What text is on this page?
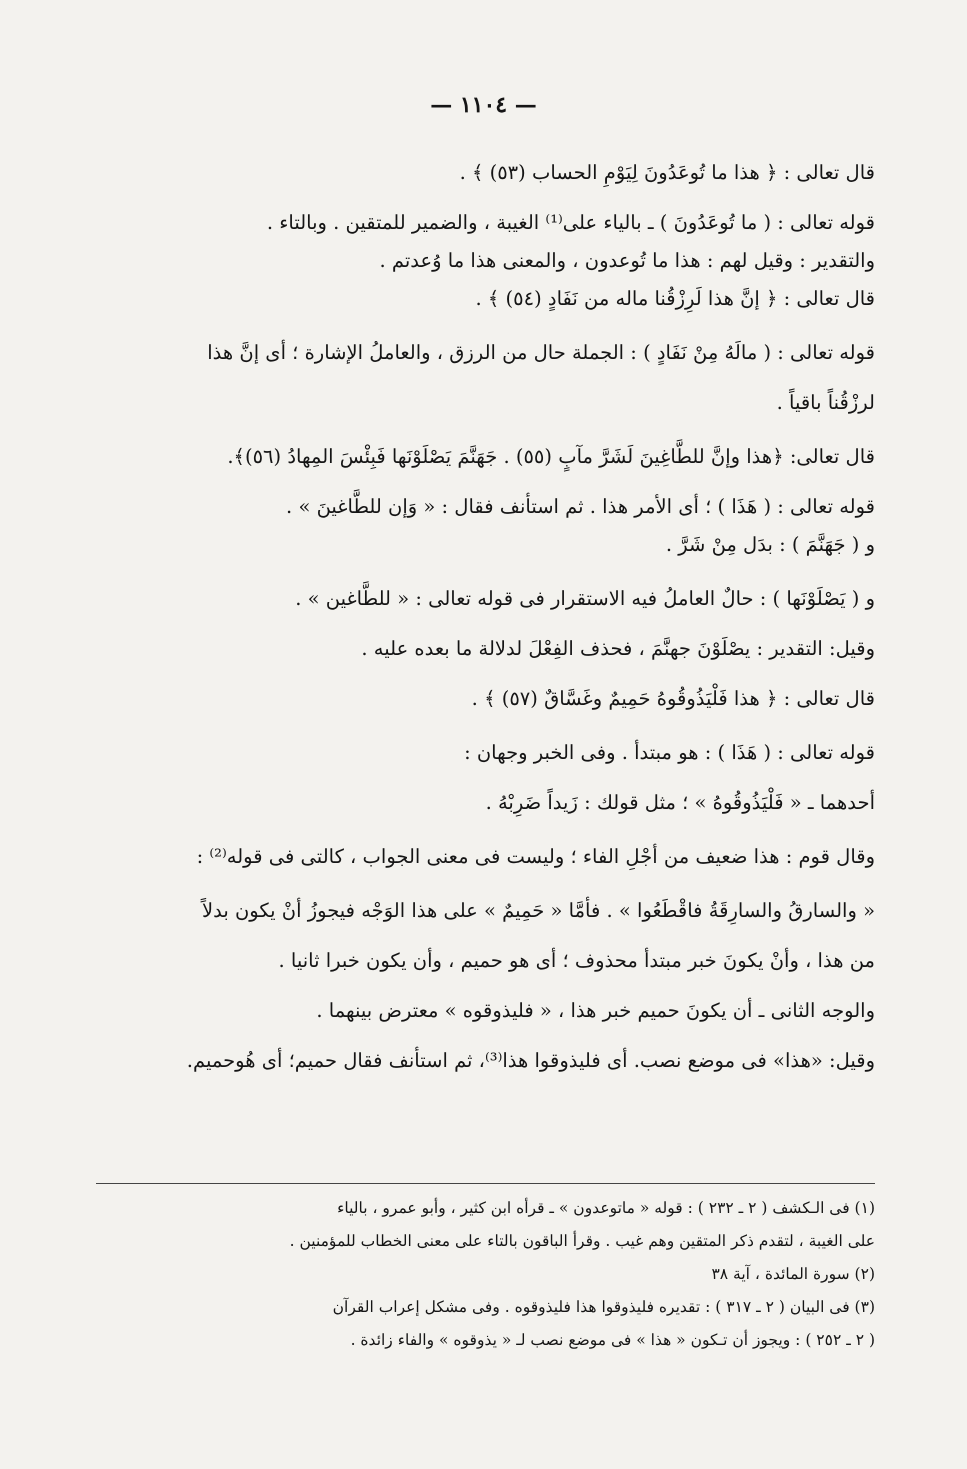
— ١١٠٤ —
قال تعالى : ﴿ هذا ما تُوعَدُونَ لِيَوْمِ الحساب (٥٣) ﴾ .
قوله تعالى : ( ما تُوعَدُونَ ) ـ بالياء على⁽¹⁾ الغيبة ، والضمير للمتقين . وبالتاء .
والتقدير : وقيل لهم : هذا ما تُوعدون ، والمعنى هذا ما وُعدتم .
قال تعالى : ﴿ إنَّ هذا لَرِزْقُنا ماله من نَفَادٍ (٥٤) ﴾ .
قوله تعالى : ( مالَهُ مِنْ نَفَادٍ ) : الجملة حال من الرزق ، والعاملُ الإشارة ؛ أى إنَّ هذا
لرزْقُناً باقياً .
قال تعالى: ﴿هذا وإنَّ للطَّاغِينَ لَشَرَّ مآبٍ (٥٥) . جَهَنَّمَ يَصْلَوْنَها فَبِئْسَ المِهادُ (٥٦)﴾.
قوله تعالى : ( هَذَا ) ؛ أى الأمر هذا . ثم استأنف فقال : « وَإن للطَّاغينَ » .
و ( جَهَنَّمَ ) : بدَل مِنْ شَرَّ .
و ( يَصْلَوْنَها ) : حالٌ العاملُ فيه الاستقرار فى قوله تعالى : « للطَّاغين » .
وقيل: التقدير : يصْلَوْنَ جهنَّمَ ، فحذف الفِعْلَ لدلالة ما بعده عليه .
قال تعالى : ﴿ هذا فَلْيَذُوقُوهُ حَمِيمٌ وغَسَّاقٌ (٥٧) ﴾ .
قوله تعالى : ( هَذَا ) : هو مبتدأ . وفى الخبر وجهان :
أحدهما ـ « فَلْيَذُوقُوهُ » ؛ مثل قولك : زَيداً ضَرِبْهُ .
وقال قوم : هذا ضعيف من أجْلِ الفاء ؛ وليست فى معنى الجواب ، كالتى فى قوله⁽²⁾ :
« والسارقُ والسارِقَةُ فاقْطَعُوا » . فأمَّا « حَمِيمٌ » على هذا الوَجْه فيجوزُ أنْ يكون بدلاً
من هذا ، وأنْ يكونَ خبر مبتدأ محذوف ؛ أى هو حميم ، وأن يكون خبرا ثانيا .
والوجه الثانى ـ أن يكونَ حميم خبر هذا ، « فليذوقوه » معترض بينهما .
وقيل: «هذا» فى موضع نصب. أى فليذوقوا هذا⁽³⁾، ثم استأنف فقال حميم؛ أى هُوحميم.
(١) فى الـكشف ( ٢ ـ ٢٣٢ ) : قوله « ماتوعدون » ـ قرأه ابن كثير ، وأبو عمرو ، بالياء
على الغيبة ، لتقدم ذكر المتقين وهم غيب . وقرأ الباقون بالتاء على معنى الخطاب للمؤمنين .
(٢) سورة المائدة ، آية ٣٨
(٣) فى البيان ( ٢ ـ ٣١٧ ) : تقديره فليذوقوا هذا فليذوقوه . وفى مشكل إعراب القرآن
( ٢ ـ ٢٥٢ ) : ويجوز أن تـكون « هذا » فى موضع نصب لـ « يذوقوه » والفاء زائدة .
